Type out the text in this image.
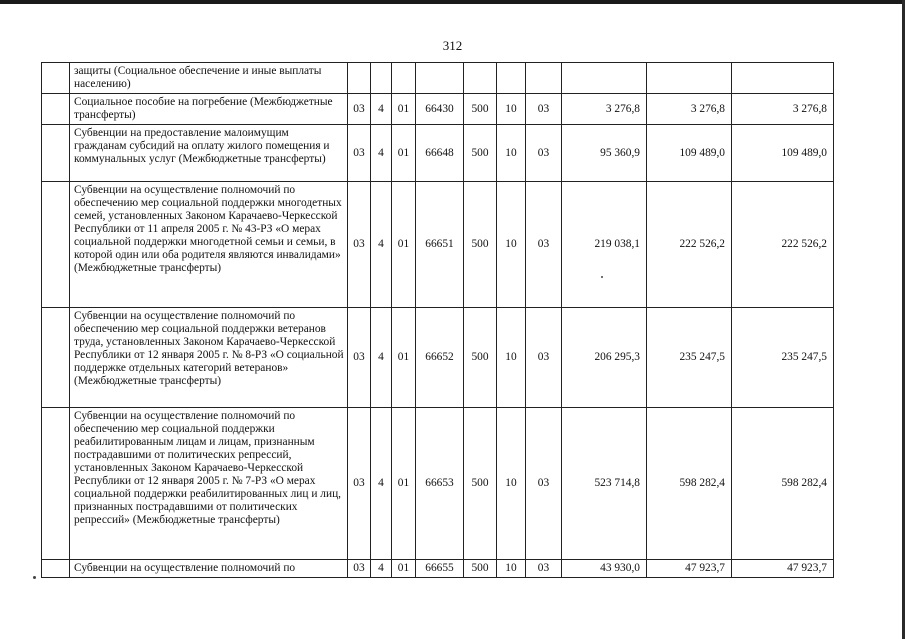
312

	защиты (Социальное обеспечение и иные выплаты населению)										

	Социальное пособие на погребение (Межбюджетные трансферты)	03	4	01	66430	500	10	03	3 276,8	3 276,8	3 276,8

	Субвенции на предоставление малоимущим гражданам субсидий на оплату жилого помещения и коммунальных услуг (Межбюджетные трансферты)	03	4	01	66648	500	10	03	95 360,9	109 489,0	109 489,0

	Субвенции на осуществление полномочий по обеспечению мер социальной поддержки многодетных семей, установленных Законом Карачаево-Черкесской Республики от 11 апреля 2005 г. № 43-РЗ «О мерах социальной поддержки многодетной семьи и семьи, в которой один или оба родителя являются инвалидами» (Межбюджетные трансферты)	03	4	01	66651	500	10	03	219 038,1	222 526,2	222 526,2

	Субвенции на осуществление полномочий по обеспечению мер социальной поддержки ветеранов труда, установленных Законом Карачаево-Черкесской Республики от 12 января 2005 г. № 8-РЗ «О социальной поддержке отдельных категорий ветеранов» (Межбюджетные трансферты)	03	4	01	66652	500	10	03	206 295,3	235 247,5	235 247,5

	Субвенции на осуществление полномочий по обеспечению мер социальной поддержки реабилитированным лицам и лицам, признанным пострадавшими от политических репрессий, установленных Законом Карачаево-Черкесской Республики от 12 января 2005 г. № 7-РЗ «О мерах социальной поддержки реабилитированных лиц и лиц, признанных пострадавшими от политических репрессий» (Межбюджетные трансферты)	03	4	01	66653	500	10	03	523 714,8	598 282,4	598 282,4

	Субвенции на осуществление полномочий по	03	4	01	66655	500	10	03	43 930,0	47 923,7	47 923,7
